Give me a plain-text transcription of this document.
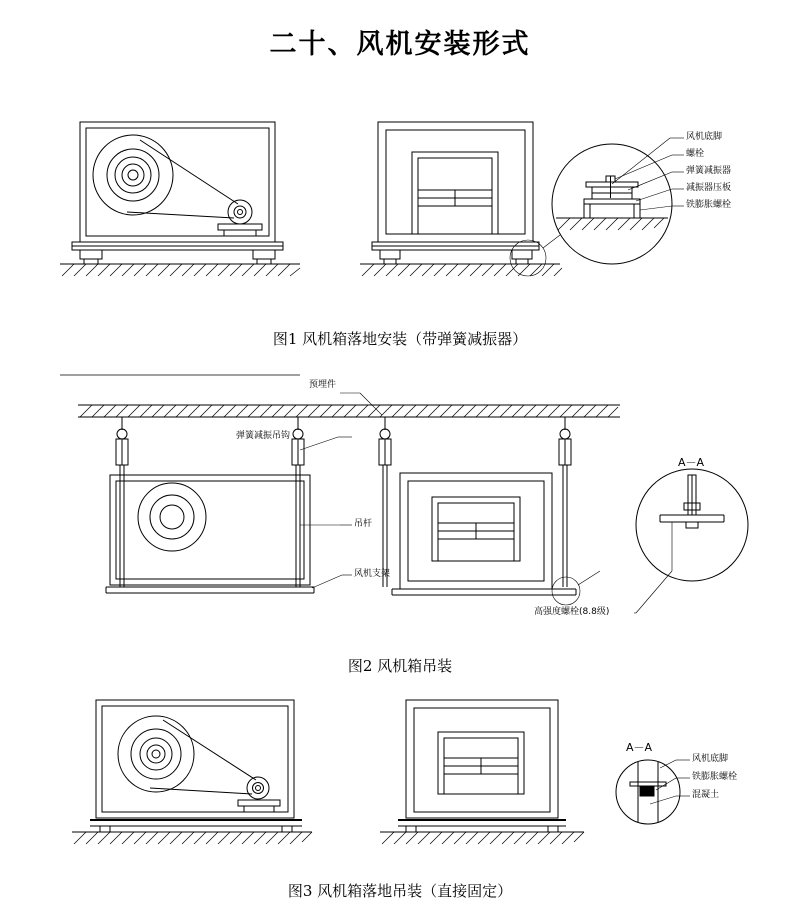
二十、风机安装形式
风机底脚
螺栓
弹簧减振器
减振器压板
铁膨胀螺栓
图1 风机箱落地安装（带弹簧减振器）
预埋件
弹簧减振吊钩
吊杆
风机支架
高强度螺栓(8.8级)
A－A
图2 风机箱吊装
A－A
风机底脚
铁膨胀螺栓
混凝土
图3 风机箱落地吊装（直接固定）
